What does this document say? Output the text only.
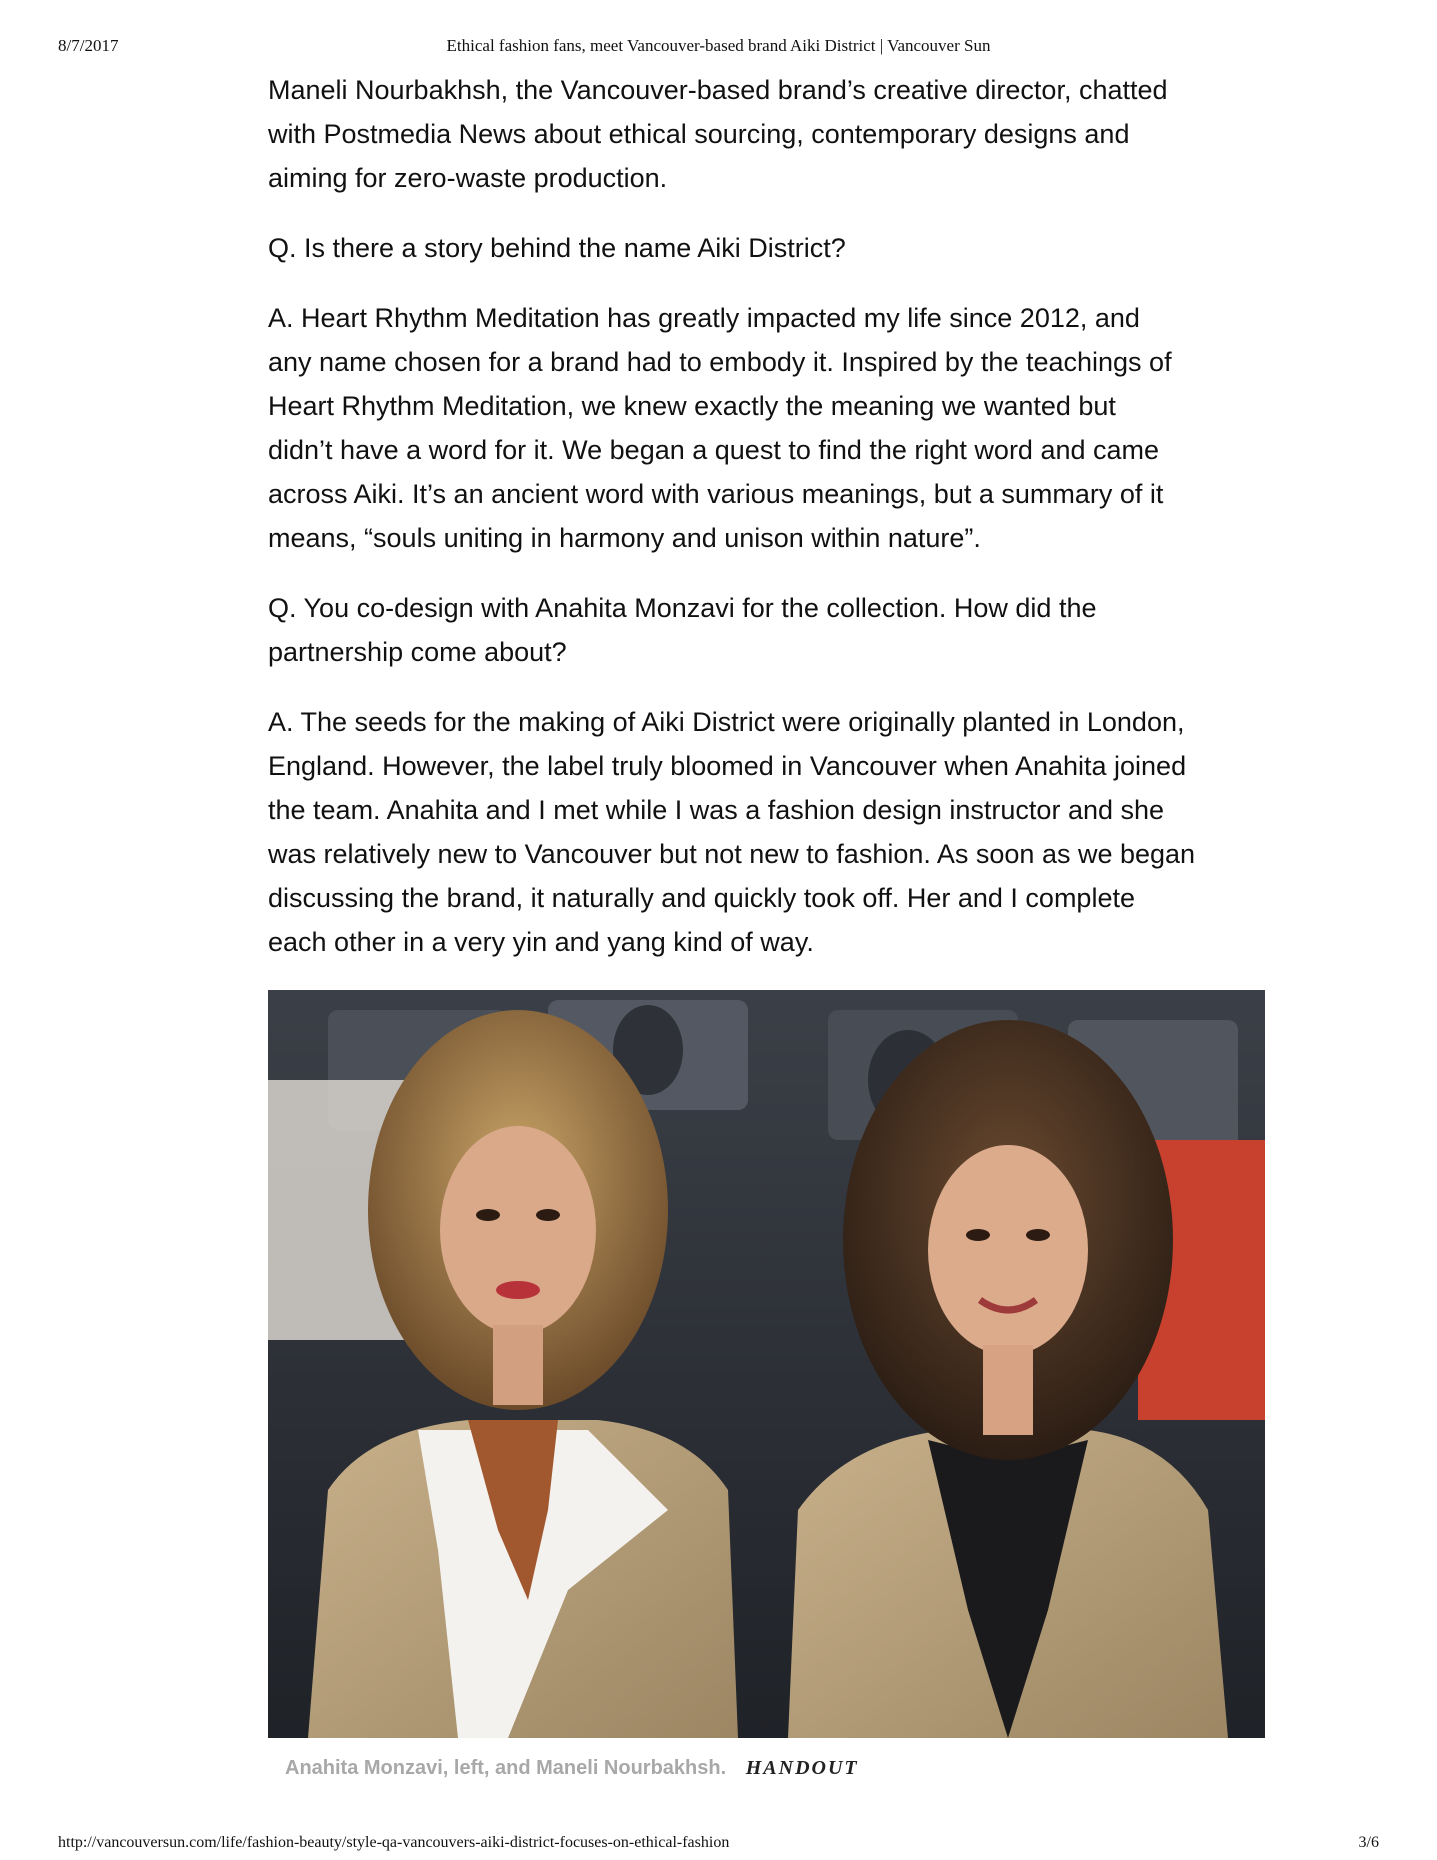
8/7/2017	Ethical fashion fans, meet Vancouver-based brand Aiki District | Vancouver Sun

Maneli Nourbakhsh, the Vancouver-based brand’s creative director, chatted
with Postmedia News about ethical sourcing, contemporary designs and
aiming for zero-waste production.

Q. Is there a story behind the name Aiki District?

A. Heart Rhythm Meditation has greatly impacted my life since 2012, and
any name chosen for a brand had to embody it. Inspired by the teachings of
Heart Rhythm Meditation, we knew exactly the meaning we wanted but
didn’t have a word for it. We began a quest to find the right word and came
across Aiki. It’s an ancient word with various meanings, but a summary of it
means, “souls uniting in harmony and unison within nature”.

Q. You co-design with Anahita Monzavi for the collection. How did the
partnership come about?

A. The seeds for the making of Aiki District were originally planted in London,
England. However, the label truly bloomed in Vancouver when Anahita joined
the team. Anahita and I met while I was a fashion design instructor and she
was relatively new to Vancouver but not new to fashion. As soon as we began
discussing the brand, it naturally and quickly took off. Her and I complete
each other in a very yin and yang kind of way.

Anahita Monzavi, left, and Maneli Nourbakhsh. HANDOUT
http://vancouversun.com/life/fashion-beauty/style-qa-vancouvers-aiki-district-focuses-on-ethical-fashion	3/6
